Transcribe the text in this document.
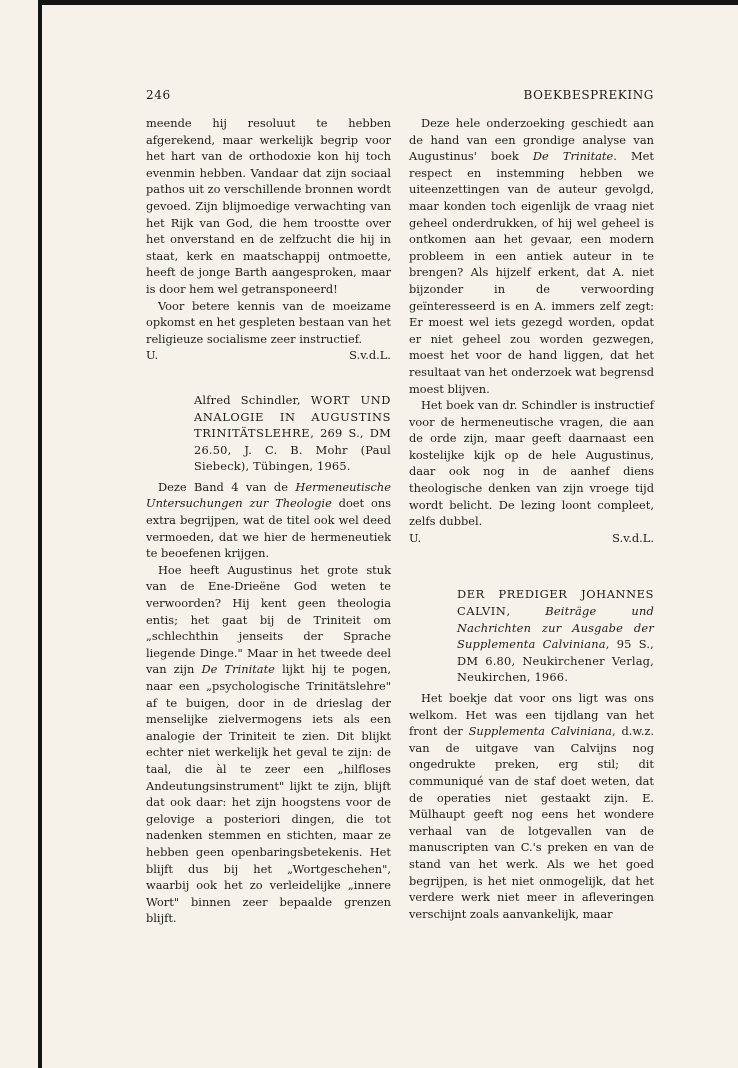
246	BOEKBESPREKING

meende hij resoluut te hebben afgerekend, maar werkelijk begrip voor het hart van de orthodoxie kon hij toch evenmin hebben. Vandaar dat zijn sociaal pathos uit zo verschillende bronnen wordt gevoed. Zijn blijmoedige verwachting van het Rijk van God, die hem troostte over het onverstand en de zelfzucht die hij in staat, kerk en maatschappij ontmoette, heeft de jonge Barth aangesproken, maar is door hem wel getransponeerd!

Voor betere kennis van de moeizame opkomst en het gespleten bestaan van het religieuze socialisme zeer instructief.

U.	S.v.d.L.
Alfred Schindler, WORT UND ANALOGIE IN AUGUSTINS TRINITÄTSLEHRE, 269 S., DM 26.50, J. C. B. Mohr (Paul Siebeck), Tübingen, 1965.

Deze Band 4 van de Hermeneutische Untersuchungen zur Theologie doet ons extra begrijpen, wat de titel ook wel deed vermoeden, dat we hier de hermeneutiek te beoefenen krijgen.

Hoe heeft Augustinus het grote stuk van de Ene-Drieëne God weten te verwoorden? Hij kent geen theologia entis; het gaat bij de Triniteit om „schlechthin jenseits der Sprache liegende Dinge." Maar in het tweede deel van zijn De Trinitate lijkt hij te pogen, naar een „psychologische Trinitätslehre" af te buigen, door in de drieslag der menselijke zielvermogens iets als een analogie der Triniteit te zien. Dit blijkt echter niet werkelijk het geval te zijn: de taal, die àl te zeer een „hilfloses Andeutungsinstrument" lijkt te zijn, blijft dat ook daar: het zijn hoogstens voor de gelovige a posteriori dingen, die tot nadenken stemmen en stichten, maar ze hebben geen openbaringsbetekenis. Het blijft dus bij het „Wortgeschehen", waarbij ook het zo verleidelijke „innere Wort" binnen zeer bepaalde grenzen blijft.

Deze hele onderzoeking geschiedt aan de hand van een grondige analyse van Augustinus' boek De Trinitate. Met respect en instemming hebben we uiteenzettingen van de auteur gevolgd, maar konden toch eigenlijk de vraag niet geheel onderdrukken, of hij wel geheel is ontkomen aan het gevaar, een modern probleem in een antiek auteur in te brengen? Als hijzelf erkent, dat A. niet bijzonder in de verwoording geïnteresseerd is en A. immers zelf zegt: Er moest wel iets gezegd worden, opdat er niet geheel zou worden gezwegen, moest het voor de hand liggen, dat het resultaat van het onderzoek wat begrensd moest blijven.

Het boek van dr. Schindler is instructief voor de hermeneutische vragen, die aan de orde zijn, maar geeft daarnaast een kostelijke kijk op de hele Augustinus, daar ook nog in de aanhef diens theologische denken van zijn vroege tijd wordt belicht. De lezing loont compleet, zelfs dubbel.

U.	S.v.d.L.
DER PREDIGER JOHANNES CALVIN, Beiträge und Nachrichten zur Ausgabe der Supplementa Calviniana, 95 S., DM 6.80, Neukirchener Verlag, Neukirchen, 1966.

Het boekje dat voor ons ligt was ons welkom. Het was een tijdlang van het front der Supplementa Calviniana, d.w.z. van de uitgave van Calvijns nog ongedrukte preken, erg stil; dit communiqué van de staf doet weten, dat de operaties niet gestaakt zijn. E. Mülhaupt geeft nog eens het wondere verhaal van de lotgevallen van de manuscripten van C.'s preken en van de stand van het werk. Als we het goed begrijpen, is het niet onmogelijk, dat het verdere werk niet meer in afleveringen verschijnt zoals aanvankelijk, maar
